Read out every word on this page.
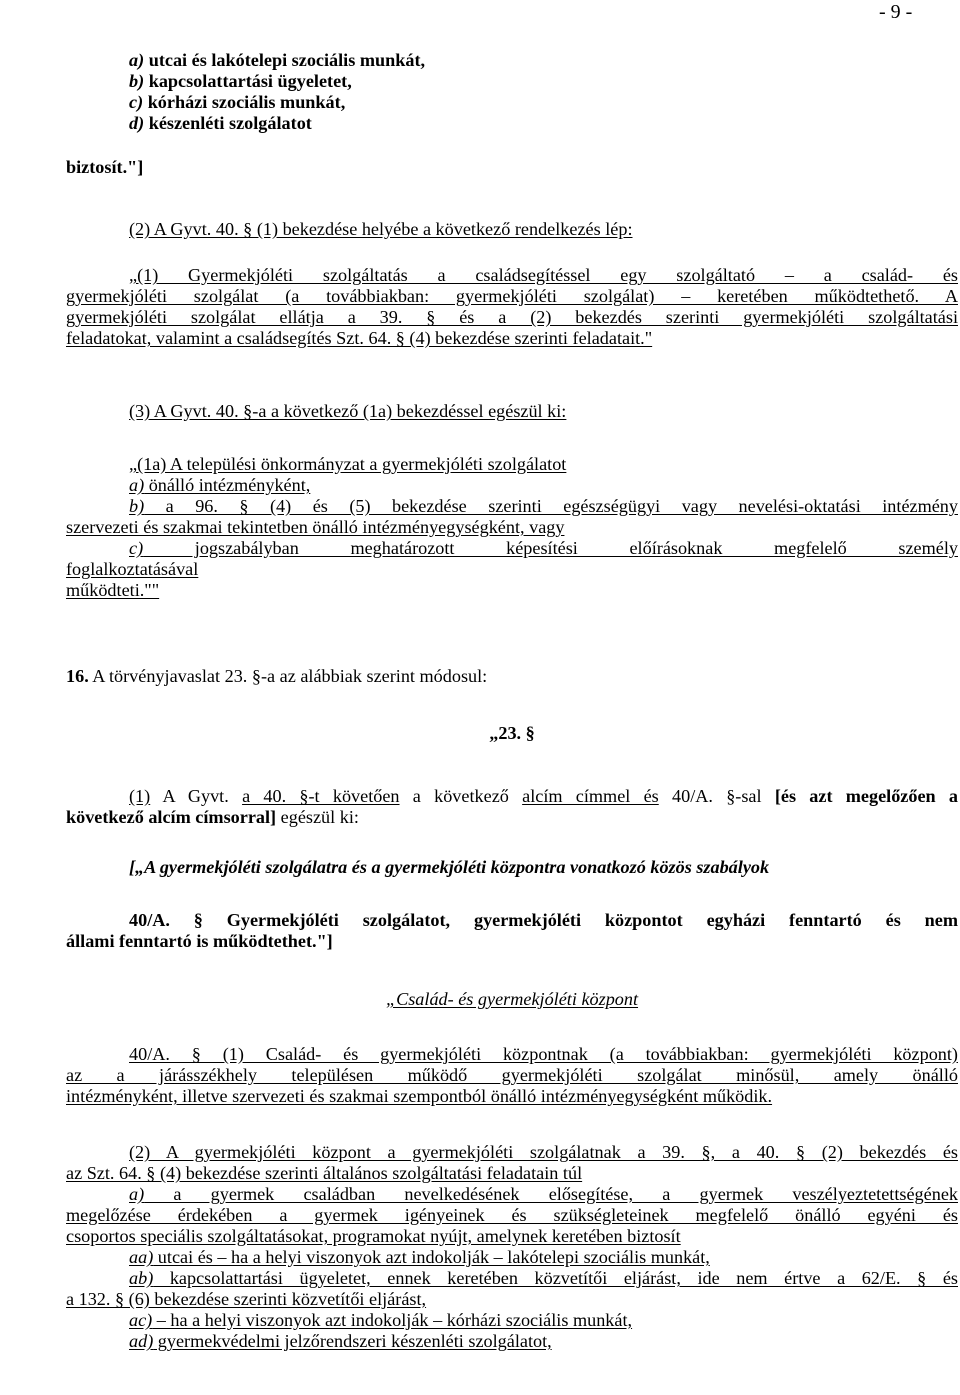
- 9 -
a) utcai és lakótelepi szociális munkát,
b) kapcsolattartási ügyeletet,
c) kórházi szociális munkát,
d) készenléti szolgálatot
biztosít."]
(2) A Gyvt. 40. § (1) bekezdése helyébe a következő rendelkezés lép:
„(1) Gyermekjóléti szolgáltatás a családsegítéssel egy szolgáltató – a család- és
gyermekjóléti szolgálat (a továbbiakban: gyermekjóléti szolgálat) – keretében működtethető. A
gyermekjóléti szolgálat ellátja a 39. § és a (2) bekezdés szerinti gyermekjóléti szolgáltatási
feladatokat, valamint a családsegítés Szt. 64. § (4) bekezdése szerinti feladatait."
(3) A Gyvt. 40. §-a a következő (1a) bekezdéssel egészül ki:
„(1a) A települési önkormányzat a gyermekjóléti szolgálatot
a) önálló intézményként,
b) a 96. § (4) és (5) bekezdése szerinti egészségügyi vagy nevelési-oktatási intézmény
szervezeti és szakmai tekintetben önálló intézményegységként, vagy
c) jogszabályban meghatározott képesítési előírásoknak megfelelő személy
foglalkoztatásával
működteti.""
16. A törvényjavaslat 23. §-a az alábbiak szerint módosul:
„23. §
(1) A Gyvt. a 40. §-t követően a következő alcím címmel és 40/A. §-sal [és azt megelőzően a
következő alcím címsorral] egészül ki:
[„A gyermekjóléti szolgálatra és a gyermekjóléti központra vonatkozó közös szabályok
40/A. § Gyermekjóléti szolgálatot, gyermekjóléti központot egyházi fenntartó és nem
állami fenntartó is működtethet."]
„Család- és gyermekjóléti központ
40/A. § (1) Család- és gyermekjóléti központnak (a továbbiakban: gyermekjóléti központ)
az a járásszékhely településen működő gyermekjóléti szolgálat minősül, amely önálló
intézményként, illetve szervezeti és szakmai szempontból önálló intézményegységként működik.
(2) A gyermekjóléti központ a gyermekjóléti szolgálatnak a 39. §, a 40. § (2) bekezdés és
az Szt. 64. § (4) bekezdése szerinti általános szolgáltatási feladatain túl
a) a gyermek családban nevelkedésének elősegítése, a gyermek veszélyeztetettségének
megelőzése érdekében a gyermek igényeinek és szükségleteinek megfelelő önálló egyéni és
csoportos speciális szolgáltatásokat, programokat nyújt, amelynek keretében biztosít
aa) utcai és – ha a helyi viszonyok azt indokolják – lakótelepi szociális munkát,
ab) kapcsolattartási ügyeletet, ennek keretében közvetítői eljárást, ide nem értve a 62/E. § és
a 132. § (6) bekezdése szerinti közvetítői eljárást,
ac) – ha a helyi viszonyok azt indokolják – kórházi szociális munkát,
ad) gyermekvédelmi jelzőrendszeri készenléti szolgálatot,
